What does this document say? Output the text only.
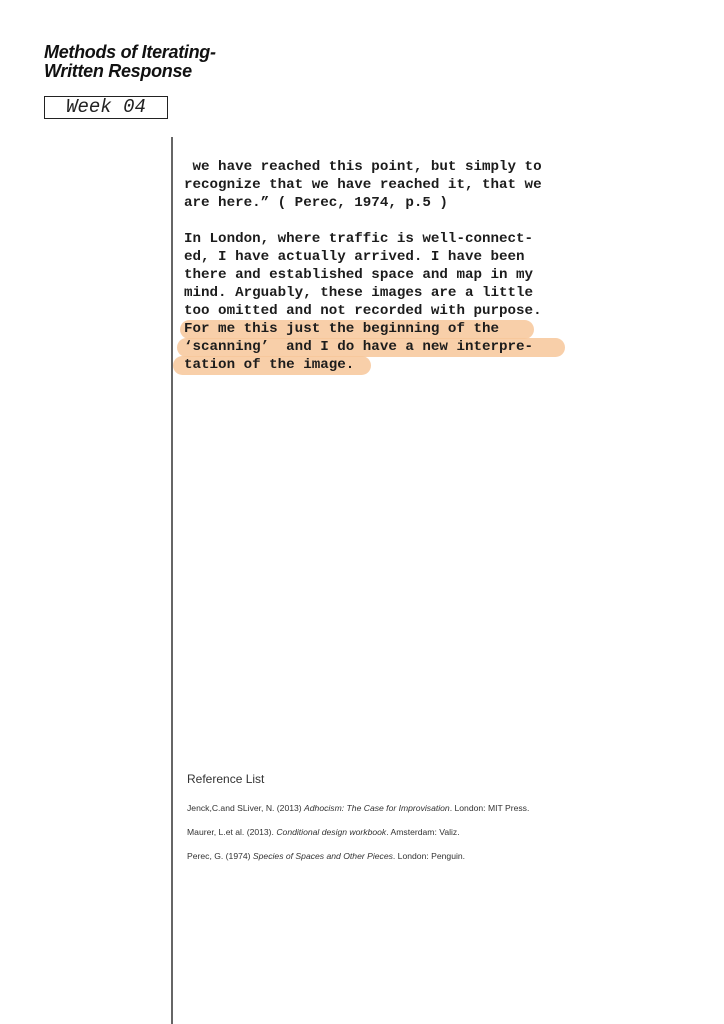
Methods of Iterating-
Written Response
Week 04
we have reached this point, but simply to
recognize that we have reached it, that we
are here.” ( Perec, 1974, p.5 )
In London, where traffic is well-connect-
ed, I have actually arrived. I have been
there and established space and map in my
mind. Arguably, these images are a little
too omitted and not recorded with purpose.
For me this just the beginning of the
‘scanning’  and I do have a new interpre-
tation of the image.

Reference List

Jenck,C.and SLiver, N. (2013) Adhocism: The Case for Improvisation. London: MIT Press.

Maurer, L.et al. (2013). Conditional design workbook. Amsterdam: Valiz.

Perec, G. (1974) Species of Spaces and Other Pieces. London: Penguin.
